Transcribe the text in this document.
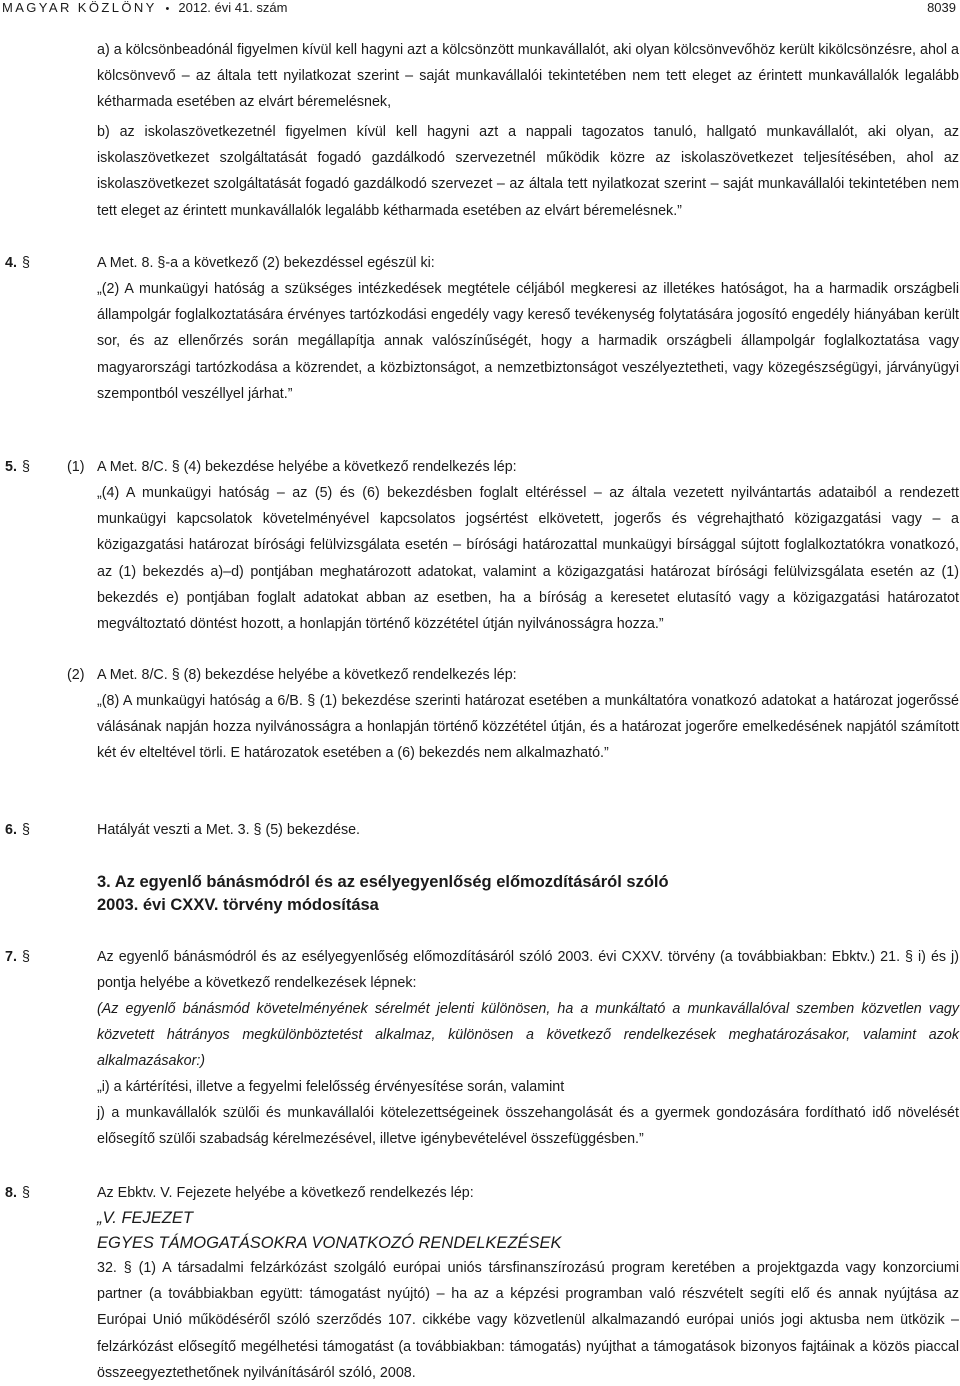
MAGYAR KÖZLÖNY • 2012. évi 41. szám	8039
a) a kölcsönbeadónál figyelmen kívül kell hagyni azt a kölcsönzött munkavállalót, aki olyan kölcsönvevőhöz került kikölcsönzésre, ahol a kölcsönvevő – az általa tett nyilatkozat szerint – saját munkavállalói tekintetében nem tett eleget az érintett munkavállalók legalább kétharmada esetében az elvárt béremelésnek,
b) az iskolaszövetkezetnél figyelmen kívül kell hagyni azt a nappali tagozatos tanuló, hallgató munkavállalót, aki olyan, az iskolaszövetkezet szolgáltatását fogadó gazdálkodó szervezetnél működik közre az iskolaszövetkezet teljesítésében, ahol az iskolaszövetkezet szolgáltatását fogadó gazdálkodó szervezet – az általa tett nyilatkozat szerint – saját munkavállalói tekintetében nem tett eleget az érintett munkavállalók legalább kétharmada esetében az elvárt béremelésnek.”
4. §	A Met. 8. §-a a következő (2) bekezdéssel egészül ki:
„(2) A munkaügyi hatóság a szükséges intézkedések megtétele céljából megkeresi az illetékes hatóságot, ha a harmadik országbeli állampolgár foglalkoztatására érvényes tartózkodási engedély vagy kereső tevékenység folytatására jogosító engedély hiányában került sor, és az ellenőrzés során megállapítja annak valószínűségét, hogy a harmadik országbeli állampolgár foglalkoztatása vagy magyarországi tartózkodása a közrendet, a közbiztonságot, a nemzetbiztonságot veszélyeztetheti, vagy közegészségügyi, járványügyi szempontból veszéllyel járhat.”
5. §	(1) A Met. 8/C. § (4) bekezdése helyébe a következő rendelkezés lép:
„(4) A munkaügyi hatóság – az (5) és (6) bekezdésben foglalt eltéréssel – az általa vezetett nyilvántartás adataiból a rendezett munkaügyi kapcsolatok követelményével kapcsolatos jogsértést elkövetett, jogerős és végrehajtható közigazgatási vagy – a közigazgatási határozat bírósági felülvizsgálata esetén – bírósági határozattal munkaügyi bírsággal sújtott foglalkoztatókra vonatkozó, az (1) bekezdés a)–d) pontjában meghatározott adatokat, valamint a közigazgatási határozat bírósági felülvizsgálata esetén az (1) bekezdés e) pontjában foglalt adatokat abban az esetben, ha a bíróság a keresetet elutasító vagy a közigazgatási határozatot megváltoztató döntést hozott, a honlapján történő közzététel útján nyilvánosságra hozza.”
(2) A Met. 8/C. § (8) bekezdése helyébe a következő rendelkezés lép:
„(8) A munkaügyi hatóság a 6/B. § (1) bekezdése szerinti határozat esetében a munkáltatóra vonatkozó adatokat a határozat jogerőssé válásának napján hozza nyilvánosságra a honlapján történő közzététel útján, és a határozat jogerőre emelkedésének napjától számított két év elteltével törli. E határozatok esetében a (6) bekezdés nem alkalmazható.”
6. §	Hatályát veszti a Met. 3. § (5) bekezdése.
3. Az egyenlő bánásmódról és az esélyegyenlőség előmozdításáról szóló
2003. évi CXXV. törvény módosítása
7. §	Az egyenlő bánásmódról és az esélyegyenlőség előmozdításáról szóló 2003. évi CXXV. törvény (a továbbiakban: Ebktv.) 21. § i) és j) pontja helyébe a következő rendelkezések lépnek:
(Az egyenlő bánásmód követelményének sérelmét jelenti különösen, ha a munkáltató a munkavállalóval szemben közvetlen vagy közvetett hátrányos megkülönböztetést alkalmaz, különösen a következő rendelkezések meghatározásakor, valamint azok alkalmazásakor:)
„i) a kártérítési, illetve a fegyelmi felelősség érvényesítése során, valamint
j) a munkavállalók szülői és munkavállalói kötelezettségeinek összehangolását és a gyermek gondozására fordítható idő növelését elősegítő szülői szabadság kérelmezésével, illetve igénybevételével összefüggésben.”
8. §	Az Ebktv. V. Fejezete helyébe a következő rendelkezés lép:
„V. FEJEZET
EGYES TÁMOGATÁSOKRA VONATKOZÓ RENDELKEZÉSEK
32. § (1) A társadalmi felzárkózást szolgáló európai uniós társfinanszírozású program keretében a projektgazda vagy konzorciumi partner (a továbbiakban együtt: támogatást nyújtó) – ha az a képzési programban való részvételt segíti elő és annak nyújtása az Európai Unió működéséről szóló szerződés 107. cikkébe vagy közvetlenül alkalmazandó európai uniós jogi aktusba nem ütközik – felzárkózást elősegítő megélhetési támogatást (a továbbiakban: támogatás) nyújthat a támogatások bizonyos fajtáinak a közös piaccal összeegyeztethetőnek nyilvánításáról szóló, 2008.
